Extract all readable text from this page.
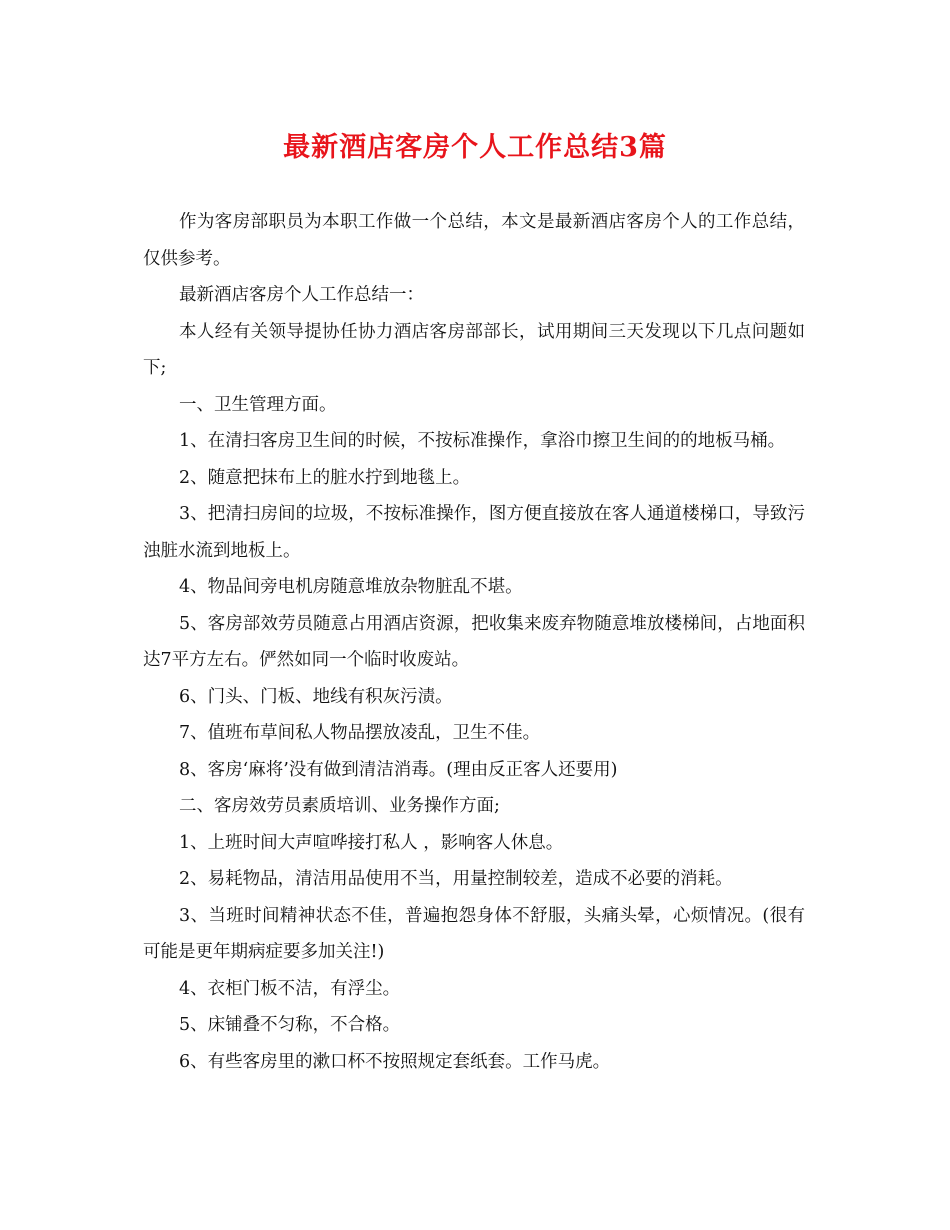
最新酒店客房个人工作总结3篇

作为客房部职员为本职工作做一个总结，本文是最新酒店客房个人的工作总结，仅供参考。

最新酒店客房个人工作总结一：

本人经有关领导提协任协力酒店客房部部长，试用期间三天发现以下几点问题如下;

一、卫生管理方面。

1、在清扫客房卫生间的时候，不按标准操作，拿浴巾擦卫生间的的地板马桶。

2、随意把抹布上的脏水拧到地毯上。

3、把清扫房间的垃圾，不按标准操作，图方便直接放在客人通道楼梯口，导致污浊脏水流到地板上。

4、物品间旁电机房随意堆放杂物脏乱不堪。

5、客房部效劳员随意占用酒店资源，把收集来废弃物随意堆放楼梯间，占地面积达7平方左右。俨然如同一个临时收废站。

6、门头、门板、地线有积灰污渍。

7、值班布草间私人物品摆放凌乱，卫生不佳。

8、客房‘麻将’没有做到清洁消毒。(理由反正客人还要用)

二、客房效劳员素质培训、业务操作方面;

1、上班时间大声喧哗接打私人 ，影响客人休息。

2、易耗物品，清洁用品使用不当，用量控制较差，造成不必要的消耗。

3、当班时间精神状态不佳，普遍抱怨身体不舒服，头痛头晕，心烦情况。(很有可能是更年期病症要多加关注!)

4、衣柜门板不洁，有浮尘。

5、床铺叠不匀称，不合格。

6、有些客房里的漱口杯不按照规定套纸套。工作马虎。
